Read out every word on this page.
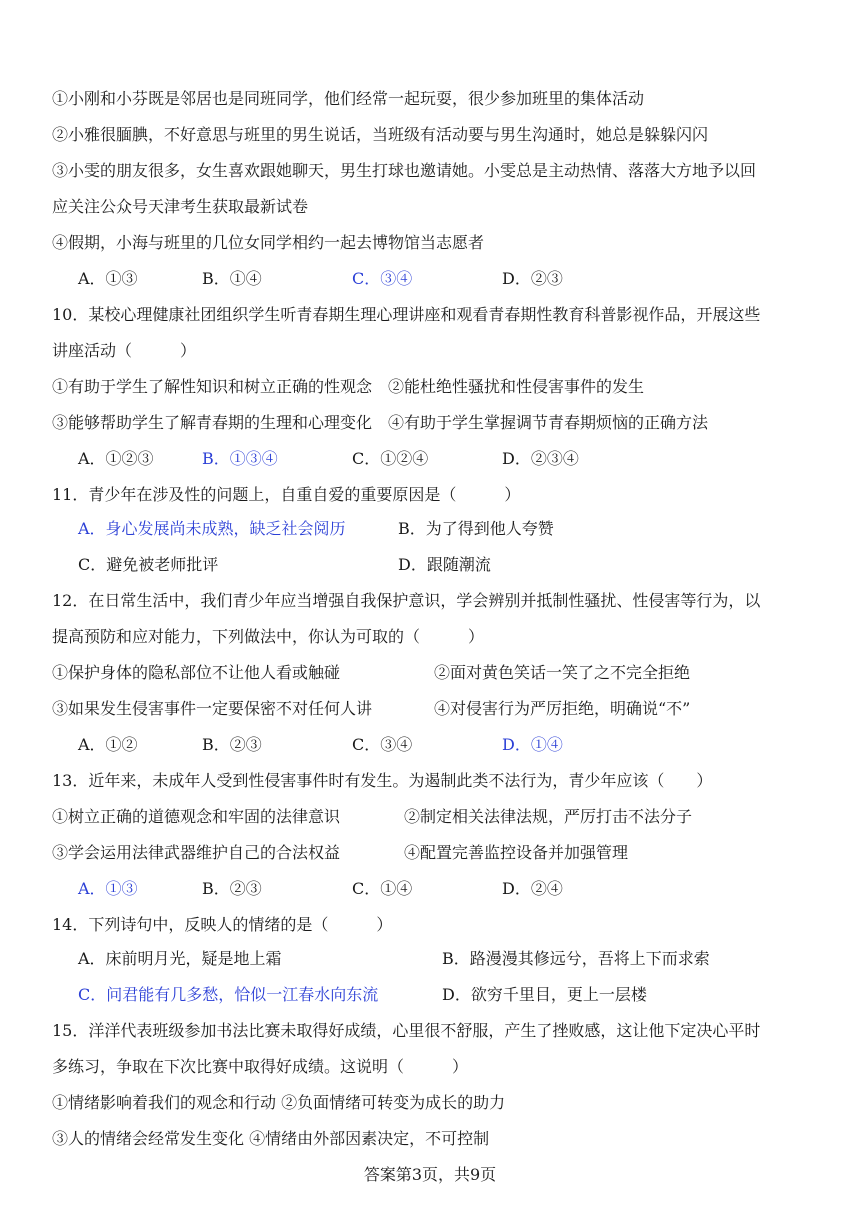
①小刚和小芬既是邻居也是同班同学，他们经常一起玩耍，很少参加班里的集体活动
②小雅很腼腆，不好意思与班里的男生说话，当班级有活动要与男生沟通时，她总是躲躲闪闪
③小雯的朋友很多，女生喜欢跟她聊天，男生打球也邀请她。小雯总是主动热情、落落大方地予以回
应关注公众号天津考生获取最新试卷
④假期，小海与班里的几位女同学相约一起去博物馆当志愿者
A．①③	B．①④	C．③④	D．②③
10．某校心理健康社团组织学生听青春期生理心理讲座和观看青春期性教育科普影视作品，开展这些
讲座活动（　　　）
①有助于学生了解性知识和树立正确的性观念　②能杜绝性骚扰和性侵害事件的发生
③能够帮助学生了解青春期的生理和心理变化　④有助于学生掌握调节青春期烦恼的正确方法
A．①②③	B．①③④	C．①②④	D．②③④
11．青少年在涉及性的问题上，自重自爱的重要原因是（　　　）
A．身心发展尚未成熟，缺乏社会阅历	B．为了得到他人夸赞
C．避免被老师批评	D．跟随潮流
12．在日常生活中，我们青少年应当增强自我保护意识，学会辨别并抵制性骚扰、性侵害等行为，以
提高预防和应对能力，下列做法中，你认为可取的（　　　）
①保护身体的隐私部位不让他人看或触碰	②面对黄色笑话一笑了之不完全拒绝
③如果发生侵害事件一定要保密不对任何人讲	④对侵害行为严厉拒绝，明确说“不”
A．①②	B．②③	C．③④	D．①④
13．近年来，未成年人受到性侵害事件时有发生。为遏制此类不法行为，青少年应该（　　）
①树立正确的道德观念和牢固的法律意识	②制定相关法律法规，严厉打击不法分子
③学会运用法律武器维护自己的合法权益	④配置完善监控设备并加强管理
A．①③	B．②③	C．①④	D．②④
14．下列诗句中，反映人的情绪的是（　　　）
A．床前明月光，疑是地上霜	B．路漫漫其修远兮，吾将上下而求索
C．问君能有几多愁，恰似一江春水向东流	D．欲穷千里目，更上一层楼
15．洋洋代表班级参加书法比赛未取得好成绩，心里很不舒服，产生了挫败感，这让他下定决心平时
多练习，争取在下次比赛中取得好成绩。这说明（　　　）
①情绪影响着我们的观念和行动 ②负面情绪可转变为成长的助力
③人的情绪会经常发生变化 ④情绪由外部因素决定，不可控制
答案第3页，共9页
